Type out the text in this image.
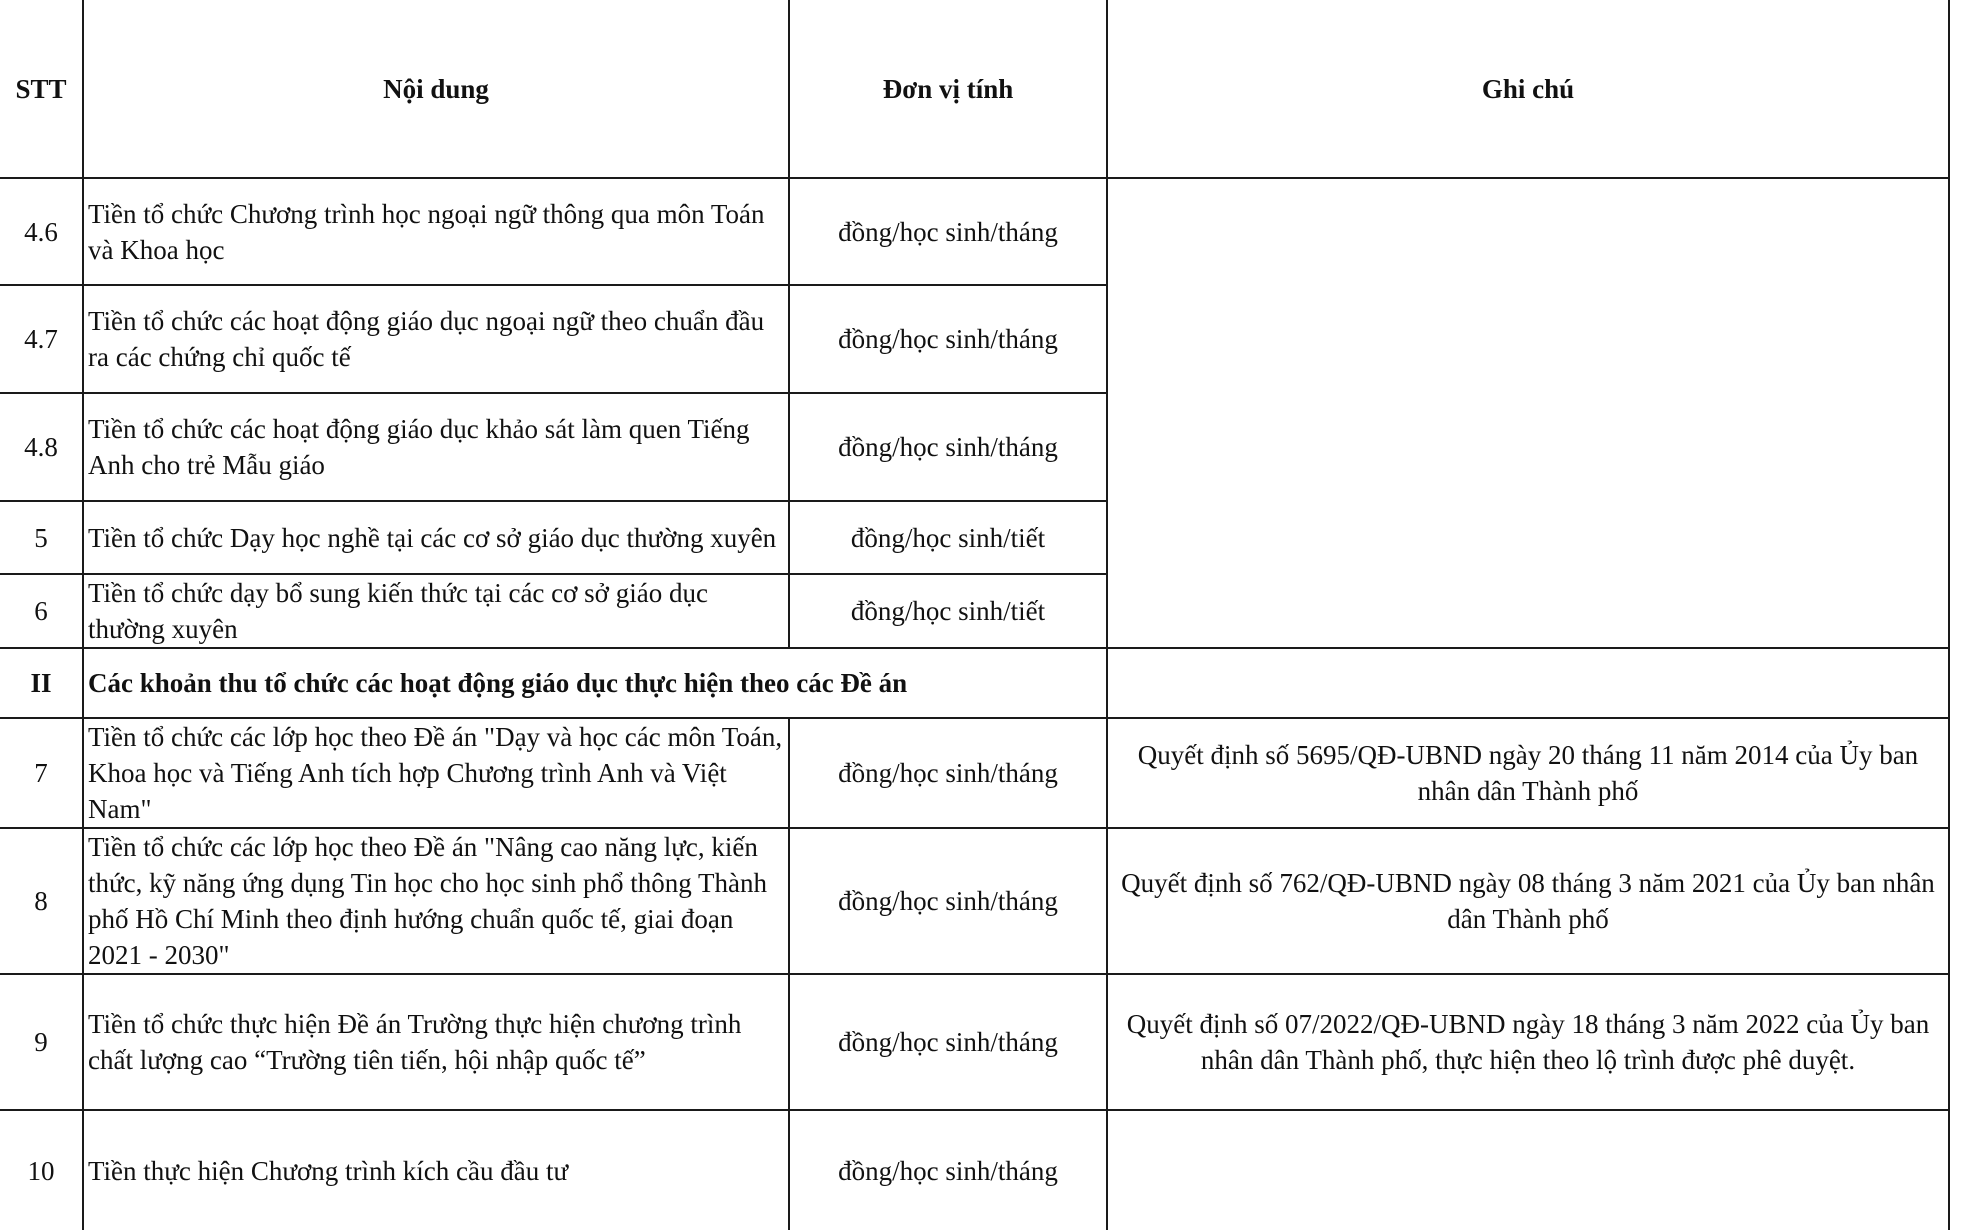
STT	Nội dung	Đơn vị tính	Ghi chú
4.6	Tiền tổ chức Chương trình học ngoại ngữ thông qua môn Toán và Khoa học	đồng/học sinh/tháng	
4.7	Tiền tổ chức các hoạt động giáo dục ngoại ngữ theo chuẩn đầu ra các chứng chỉ quốc tế	đồng/học sinh/tháng	
4.8	Tiền tổ chức các hoạt động giáo dục khảo sát làm quen Tiếng Anh cho trẻ Mẫu giáo	đồng/học sinh/tháng	
5	Tiền tổ chức Dạy học nghề tại các cơ sở giáo dục thường xuyên	đồng/học sinh/tiết	
6	Tiền tổ chức dạy bổ sung kiến thức tại các cơ sở giáo dục thường xuyên	đồng/học sinh/tiết	
II	Các khoản thu tổ chức các hoạt động giáo dục thực hiện theo các Đề án		
7	Tiền tổ chức các lớp học theo Đề án "Dạy và học các môn Toán, Khoa học và Tiếng Anh tích hợp Chương trình Anh và Việt Nam"	đồng/học sinh/tháng	Quyết định số 5695/QĐ-UBND ngày 20 tháng 11 năm 2014 của Ủy ban nhân dân Thành phố
8	Tiền tổ chức các lớp học theo Đề án "Nâng cao năng lực, kiến thức, kỹ năng ứng dụng Tin học cho học sinh phổ thông Thành phố Hồ Chí Minh theo định hướng chuẩn quốc tế, giai đoạn 2021 - 2030"	đồng/học sinh/tháng	Quyết định số 762/QĐ-UBND ngày 08 tháng 3 năm 2021 của Ủy ban nhân dân Thành phố
9	Tiền tổ chức thực hiện Đề án Trường thực hiện chương trình chất lượng cao “Trường tiên tiến, hội nhập quốc tế”	đồng/học sinh/tháng	Quyết định số 07/2022/QĐ-UBND ngày 18 tháng 3 năm 2022 của Ủy ban nhân dân Thành phố, thực hiện theo lộ trình được phê duyệt.
10	Tiền thực hiện Chương trình kích cầu đầu tư	đồng/học sinh/tháng	
